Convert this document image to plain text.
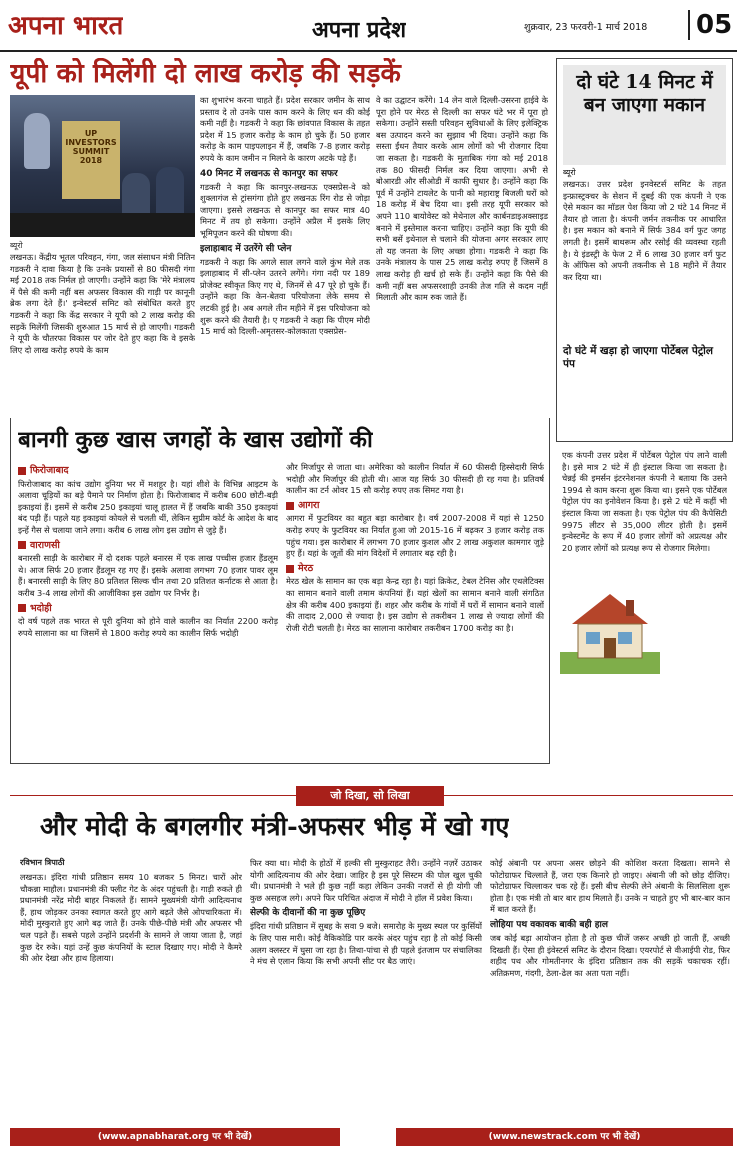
अपना भारत	अपना प्रदेश	शुक्रवार, 23 फरवरी-1 मार्च 2018	05
यूपी को मिलेंगी दो लाख करोड़ की सड़कें
UP INVESTORS SUMMIT 2018
ब्यूरो
लखनऊ। केंद्रीय भूतल परिवहन, गंगा, जल संसाधन मंत्री नितिन गडकरी ने दावा किया है कि उनके प्रयासों से 80 फीसदी गंगा मई 2018 तक निर्मल हो जाएगी। उन्होंने कहा कि 'मेरे मंत्रालय में पैसे की कमी नहीं बस अफसर विकास की गाड़ी पर कानूनी ब्रेक लगा देते हैं।' इन्वेस्टर्स समिट को संबोधित करते हुए गडकरी ने कहा कि केंद्र सरकार ने यूपी को 2 लाख करोड़ की सड़कें मिलेंगी जिसकी शुरुआत 15 मार्च से हो जाएगी। गडकरी ने यूपी के चौतरफा विकास पर जोर देते हुए कहा कि वे इसके लिए दो लाख करोड़ रुपये के काम
का शुभारंभ करना चाहते हैं। प्रदेश सरकार जमीन के साथ प्रस्ताव दे तो उनके पास काम करने के लिए धन की कोई कमी नहीं है। गडकरी ने कहा कि छांवपात विकास के तहत प्रदेश में 15 हजार करोड़ के काम हो चुके हैं। 50 हजार करोड़ के काम पाइपलाइन में हैं, जबकि 7-8 हजार करोड़ रुपये के काम जमीन न मिलने के कारण अटके पड़े हैं।
40 मिनट में लखनऊ से कानपुर का सफर
गडकरी ने कहा कि कानपुर-लखनऊ एक्सप्रेस-वे को शुक्लागंज से ट्रांसगंगा होते हुए लखनऊ रिंग रोड से जोड़ा जाएगा। इससे लखनऊ से कानपुर का सफर मात्र 40 मिनट में तय हो सकेगा। उन्होंने अप्रैल में इसके लिए भूमिपूजन करने की घोषणा की।
इलाहाबाद में उतरेंगे सी प्लेन
गडकरी ने कहा कि अगले साल लगने वाले कुंभ मेले तक इलाहाबाद में सी-प्लेन उतरने लगेंगे। गंगा नदी पर 189 प्रोजेक्ट स्वीकृत किए गए थे, जिनमें से 47 पूरे हो चुके हैं। उन्होंने कहा कि केन-बेतवा परियोजना लेके समय से लटकी हुई है। अब अगले तीन महीने में इस परियोजना को शुरू करने की तैयारी है। ए गडकरी ने कहा कि पीएम मोदी 15 मार्च को दिल्ली-अमृतसर-कोलकाता एक्सप्रेस-
वे का उद्घाटन करेंगे। 14 लेन वाले दिल्ली-उसरना हाईवे के पूरा होने पर मेरठ से दिल्ली का सफर घंटे भर में पूरा हो सकेगा। उन्होंने सस्ती परिवहन सुविधाओं के लिए इलेक्ट्रिक बस उत्पादन करने का सुझाव भी दिया। उन्होंने कहा कि सस्ता ईंधन तैयार करके आम लोगों को भी रोजगार दिया जा सकता है। गडकरी के मुताबिक गंगा को मई 2018 तक 80 फीसदी निर्मल कर दिया जाएगा। अभी से बोआरडी और सीओडी में काफी सुधार है। उन्होंने कहा कि पूर्व में उन्होंने टायलेट के पानी को महाराष्ट्र बिजली घरों को 18 करोड़ में बेच दिया था। इसी तरह यूपी सरकार को अपने 110 बायोवेस्ट को मेथेनाल और कार्बनडाइअक्साइड बनाने में इस्तेमाल करना चाहिए। उन्होंने कहा कि यूपी की सभी बसें इथेनाल से चलाने की योजना अगर सरकार लाए तो यह जनता के लिए अच्छा होगा। गडकरी ने कहा कि उनके मंत्रालय के पास 25 लाख करोड़ रुपए हैं जिसमें 8 लाख करोड़ ही खर्च हो सके हैं। उन्होंने कहा कि पैसे की कमी नहीं बस अफसरशाही उनकी तेज गति से कदम नहीं मिलाती और काम रुक जाते हैं।
दो घंटे 14 मिनट में बन जाएगा मकान
ब्यूरो
लखनऊ। उत्तर प्रदेश इनवेस्टर्स समिट के तहत इन्फ्रास्ट्रक्चर के सेशन में दुबई की एक कंपनी ने एक ऐसे मकान का मॉडल पेश किया जो 2 घंटे 14 मिनट में तैयार हो जाता है। कंपनी जर्मन तकनीक पर आधारित है। इस मकान को बनाने में सिर्फ 384 वर्ग फुट जगह लगती है। इसमें बाथरूम और रसोई की व्यवस्था रहती है। ये इंडस्ट्री के फेज 2 में 6 लाख 30 हजार वर्ग फुट के ऑफिस को अपनी तकनीक से 18 महीने में तैयार कर दिया था।
दो घंटे में खड़ा हो जाएगा पोर्टेबल पेट्रोल पंप
एक कंपनी उत्तर प्रदेश में पोर्टेबल पेट्रोल पंप लाने वाली है। इसे मात्र 2 घंटे में ही इंस्टाल किया जा सकता है। चेन्नई की इमर्सन इंटरनेशनल कंपनी ने बताया कि उसने 1994 से काम करना शुरू किया था। इसने एक पोर्टेबल पेट्रोल पंप का इनोवेशन किया है। इसे 2 घंटे में कहीं भी इंस्टाल किया जा सकता है। एक पेट्रोल पंप की कैपेसिटी 9975 लीटर से 35,000 लीटर होती है। इसमें इन्वेस्टमेंट के रूप में 40 हजार लोगों को अप्रत्यक्ष और 20 हजार लोगों को प्रत्यक्ष रूप से रोजगार मिलेगा।
बानगी कुछ खास जगहों के खास उद्योगों की
फिरोजाबाद
फिरोजाबाद का कांच उद्योग दुनिया भर में मशहूर है। यहां शीशे के विभिन्न आइटम के अलावा चूड़ियों का बड़े पैमाने पर निर्माण होता है। फिरोजाबाद में करीब 600 छोटी-बड़ी इकाइयां हैं। इसमें से करीब 250 इकाइयां चालू हालत में हैं जबकि बाकी 350 इकाइयां बंद पड़ी हैं। पहले यह इकाइयां कोयले से चलती थीं, लेकिन सुप्रीम कोर्ट के आदेश के बाद इन्हें गैस से चलाया जाने लगा। करीब 6 लाख लोग इस उद्योग से जुड़े हैं।
वाराणसी
बनारसी साड़ी के कारोबार में दो दशक पहले बनारस में एक लाख पच्चीस हजार हैंडलूम थे। आज सिर्फ 20 हजार हैंडलूम रह गए हैं। इसके अलावा लगभग 70 हजार पावर लूम हैं। बनारसी साड़ी के लिए 80 प्रतिशत सिल्क चीन तथा 20 प्रतिशत कर्नाटक से आता है। करीब 3-4 लाख लोगों की आजीविका इस उद्योग पर निर्भर है।
भदोही
दो वर्ष पहले तक भारत से पूरी दुनिया को होने वाले कालीन का निर्यात 2200 करोड़ रुपये सालाना का था जिसमें से 1800 करोड़ रुपये का कालीन सिर्फ भदोही
और मिर्जापुर से जाता था। अमेरिका को कालीन निर्यात में 60 फीसदी हिस्सेदारी सिर्फ भदोही और मिर्जापुर की होती थी। आज यह सिर्फ 30 फीसदी ही रह गया है। प्रतिवर्ष कालीन का टर्न ओवर 15 सौ करोड़ रुपए तक सिमट गया है।
आगरा
आगरा में फुटवियर का बहुत बड़ा कारोबार है। वर्ष 2007-2008 में यहां से 1250 करोड़ रुपए के फुटवियर का निर्यात हुआ जो 2015-16 में बढ़कर 3 हजार करोड़ तक पहुंच गया। इस कारोबार में लगभग 70 हजार कुशल और 2 लाख अकुशल कामगार जुड़े हुए हैं। यहां के जूतों की मांग विदेशों में लगातार बढ़ रही है।
मेरठ
मेरठ खेल के सामान का एक बड़ा केन्द्र रहा है। यहां क्रिकेट, टेबल टेनिस और एथलेटिक्स का सामान बनाने वाली तमाम कंपनियां हैं। यहां खेलों का सामान बनाने वाली संगठित क्षेत्र की करीब 400 इकाइयां हैं। शहर और करीब के गांवों में घरों में सामान बनाने वालों की तादाद 2,000 से ज्यादा है। इस उद्योग से तकरीबन 1 लाख से ज्यादा लोगों की रोजी रोटी चलती है। मेरठ का सालाना कारोबार तकरीबन 1700 करोड़ का है।
जो दिखा, सो लिखा
और मोदी के बगलगीर मंत्री-अफसर भीड़ में खो गए
रविभान त्रिपाठी
लखनऊ। इंदिरा गांधी प्रतिष्ठान समय 10 बजकर 5 मिनट। चारों ओर चौकन्ना माहौल। प्रधानमंत्री की फ्लीट गेट के अंदर पहुंचती है। गाड़ी रुकते ही प्रधानमंत्री नरेंद्र मोदी बाहर निकलते हैं। सामने मुख्यमंत्री योगी आदित्यनाथ हैं, हाथ जोड़कर उनका स्वागत करते हुए आगे बढ़ते जैसे ओपचारिकता में। मोदी मुस्कुराते हुए आगे बढ़ जाते हैं। उनके पीछे-पीछे मंत्री और अफसर भी चल पड़ते हैं। सबसे पहले उन्होंने प्रदर्शनी के सामने ले जाया जाता है, जहां कुछ देर रुके। यहां उन्हें कुछ कंपनियों के स्टाल दिखाए गए। मोदी ने कैमरे की ओर देखा और हाथ हिलाया।
फिर क्या था। मोदी के होठों में हल्की सी मुस्कुराहट तैरी। उन्होंने नज़रें उठाकर योगी आदित्यनाथ की ओर देखा। जाहिर है इस पूरे सिस्टम की पोल खुल चुकी थी। प्रधानमंत्री ने भले ही कुछ नहीं कहा लेकिन उनकी नजरों से ही योगी जी कुछ असहज लगे। अपने फिर परिचित अंदाज में मोदी ने हॉल में प्रवेश किया।
सेल्फी के दीवानों की ना कुछ पूछिए
इंदिरा गांधी प्रतिष्ठान में सुबह के सवा 9 बजे। समारोह के मुख्य स्थल पर कुर्सियों के लिए पास मारी। कोई वैकिकोडि पार करके अंदर पहुंच रहा है तो कोई किसी अलग क्लस्टर में घुसा जा रहा है। तिथा-पांचा से ही पहले इंतजाम पर संचालिका ने मंच से एलान किया कि सभी अपनी सीट पर बैठ जाएं।
कोई अंबानी पर अपना असर छोड़ने की कोशिश करता दिखता। सामने से फोटोग्राफर चिल्लाते हैं, जरा एक किनारे हो जाइए। अंबानी जी को छोड़ दीजिए। फोटोग्राफर चिल्लाकर चक रहे हैं। इसी बीच सेल्फी लेने अंबानी के सिलसिला शुरू होता है। एक मंत्री तो बार बार हाथ मिलाते हैं। उनके न चाहते हुए भी बार-बार कान में बात करते हैं।
लोहिया पथ वकावक बाकी बही हाल
जब कोई बड़ा आयोजन होता है तो कुछ चीजें जरूर अच्छी हो जाती हैं, अच्छी दिखती हैं। ऐसा ही इंवेस्टर्स समिट के दौरान दिखा। एयरपोर्ट से वीआईपी रोड, फिर शहीद पथ और गोमतीनगर के इंदिरा प्रतिष्ठान तक की सड़कें चकाचक रहीं। अतिक्रमण, गंदगी, ठेला-ढेल का अता पता नहीं।
(www.apnabharat.org पर भी देखें)	(www.newstrack.com पर भी देखें)
